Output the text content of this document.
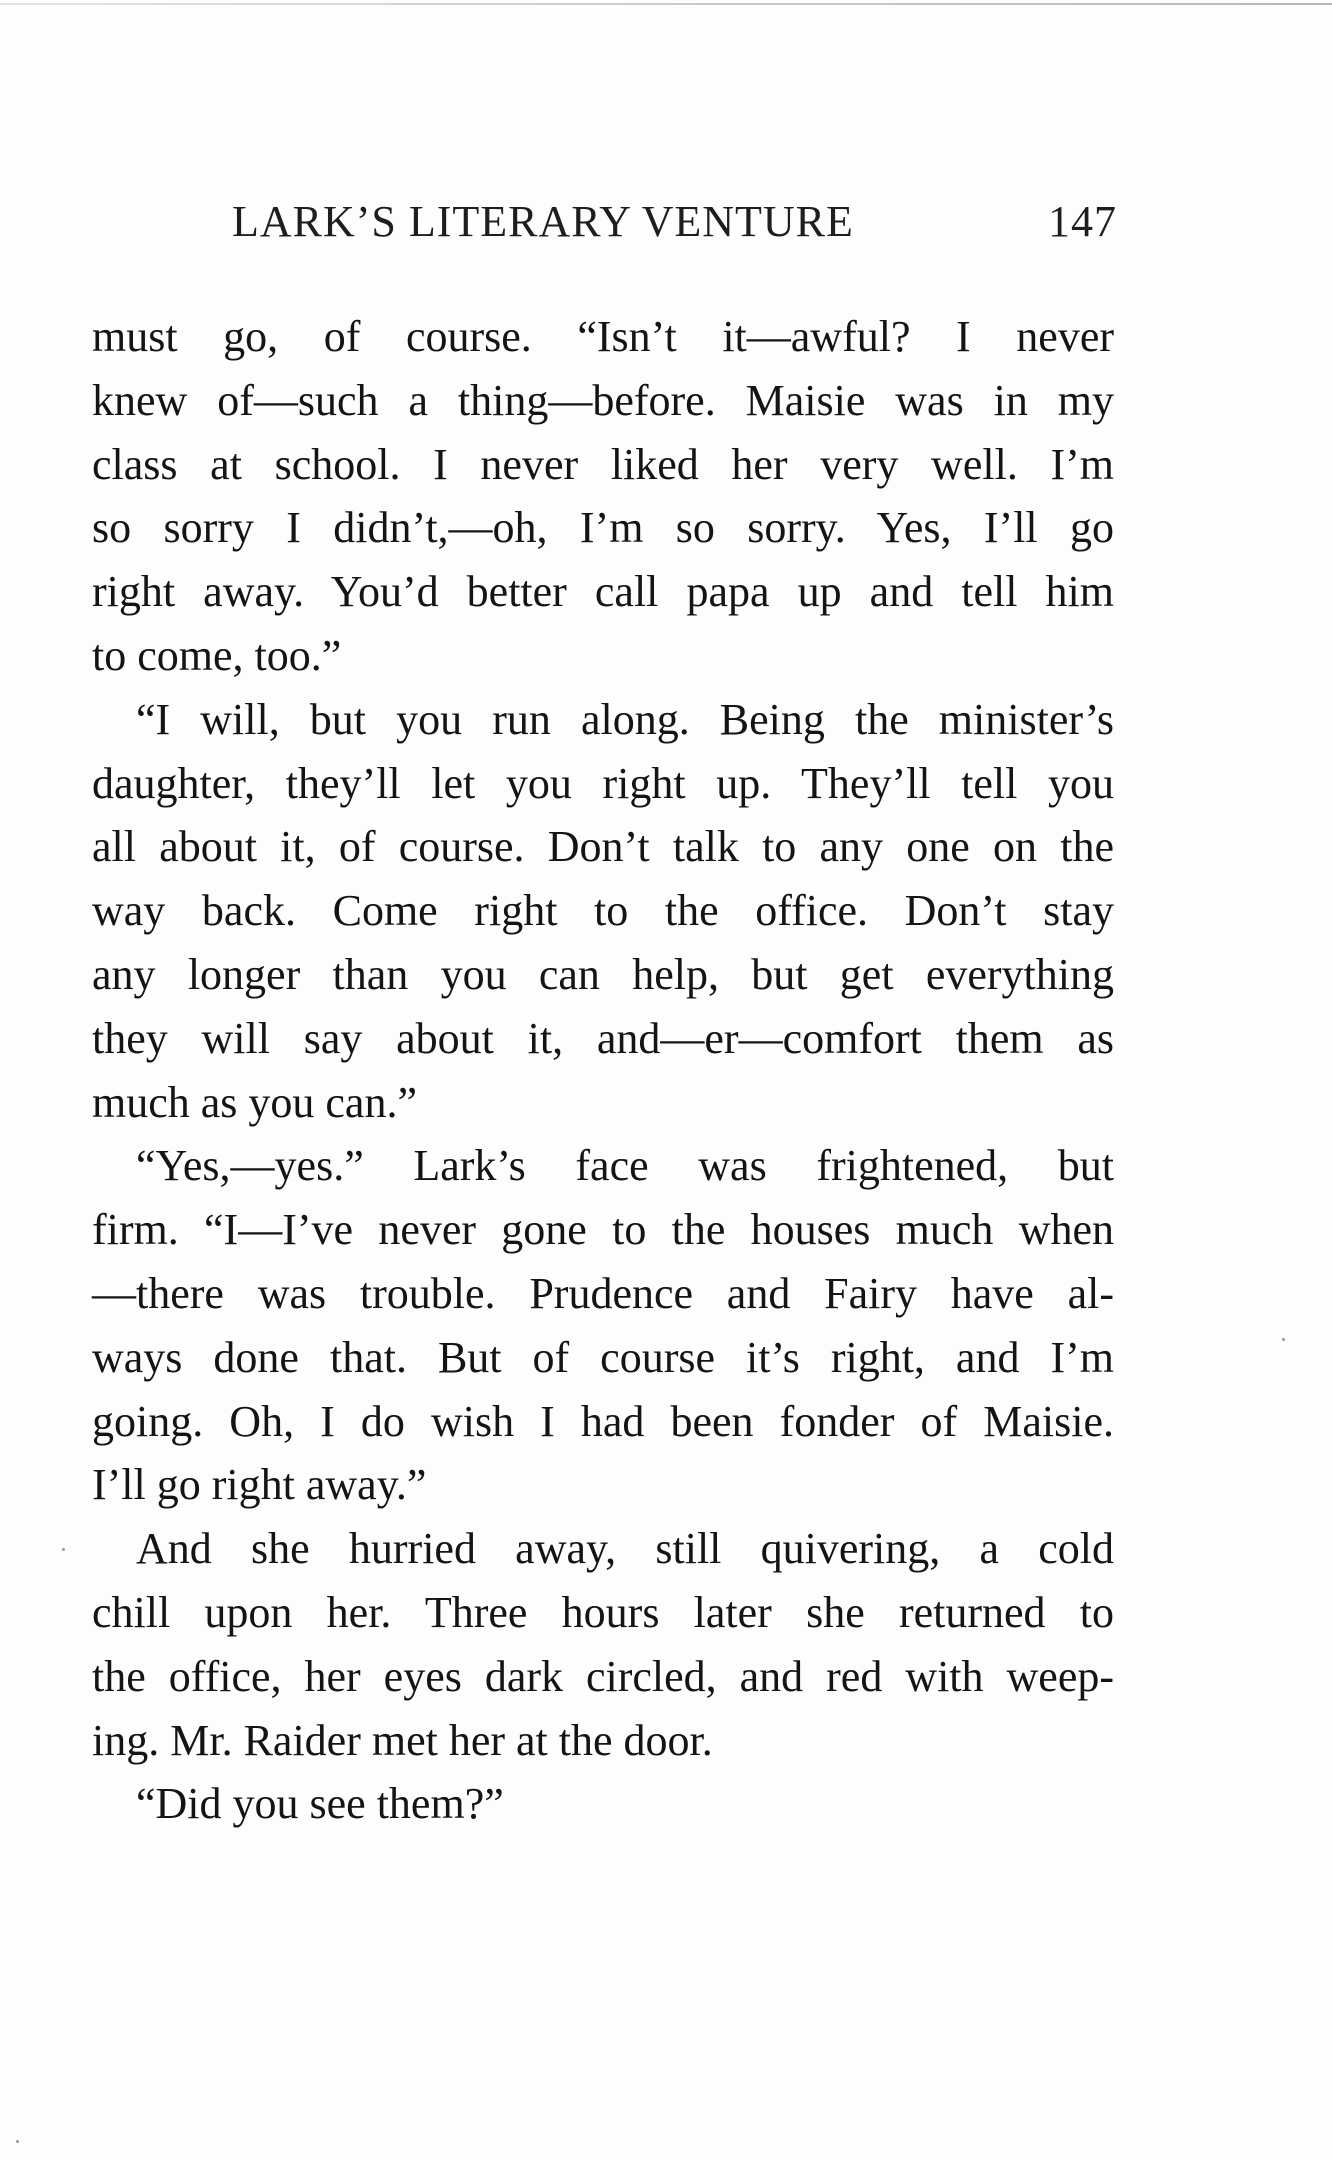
LARK’S LITERARY VENTURE	147

must go, of course. “Isn’t it—awful? I never
knew of—such a thing—before. Maisie was in my
class at school. I never liked her very well. I’m
so sorry I didn’t,—oh, I’m so sorry. Yes, I’ll go
right away. You’d better call papa up and tell him
to come, too.”

“I will, but you run along. Being the minister’s
daughter, they’ll let you right up. They’ll tell you
all about it, of course. Don’t talk to any one on the
way back. Come right to the office. Don’t stay
any longer than you can help, but get everything
they will say about it, and—er—comfort them as
much as you can.”

“Yes,—yes.” Lark’s face was frightened, but
firm. “I—I’ve never gone to the houses much when
—there was trouble. Prudence and Fairy have al-
ways done that. But of course it’s right, and I’m
going. Oh, I do wish I had been fonder of Maisie.
I’ll go right away.”

And she hurried away, still quivering, a cold
chill upon her. Three hours later she returned to
the office, her eyes dark circled, and red with weep-
ing. Mr. Raider met her at the door.

“Did you see them?”
